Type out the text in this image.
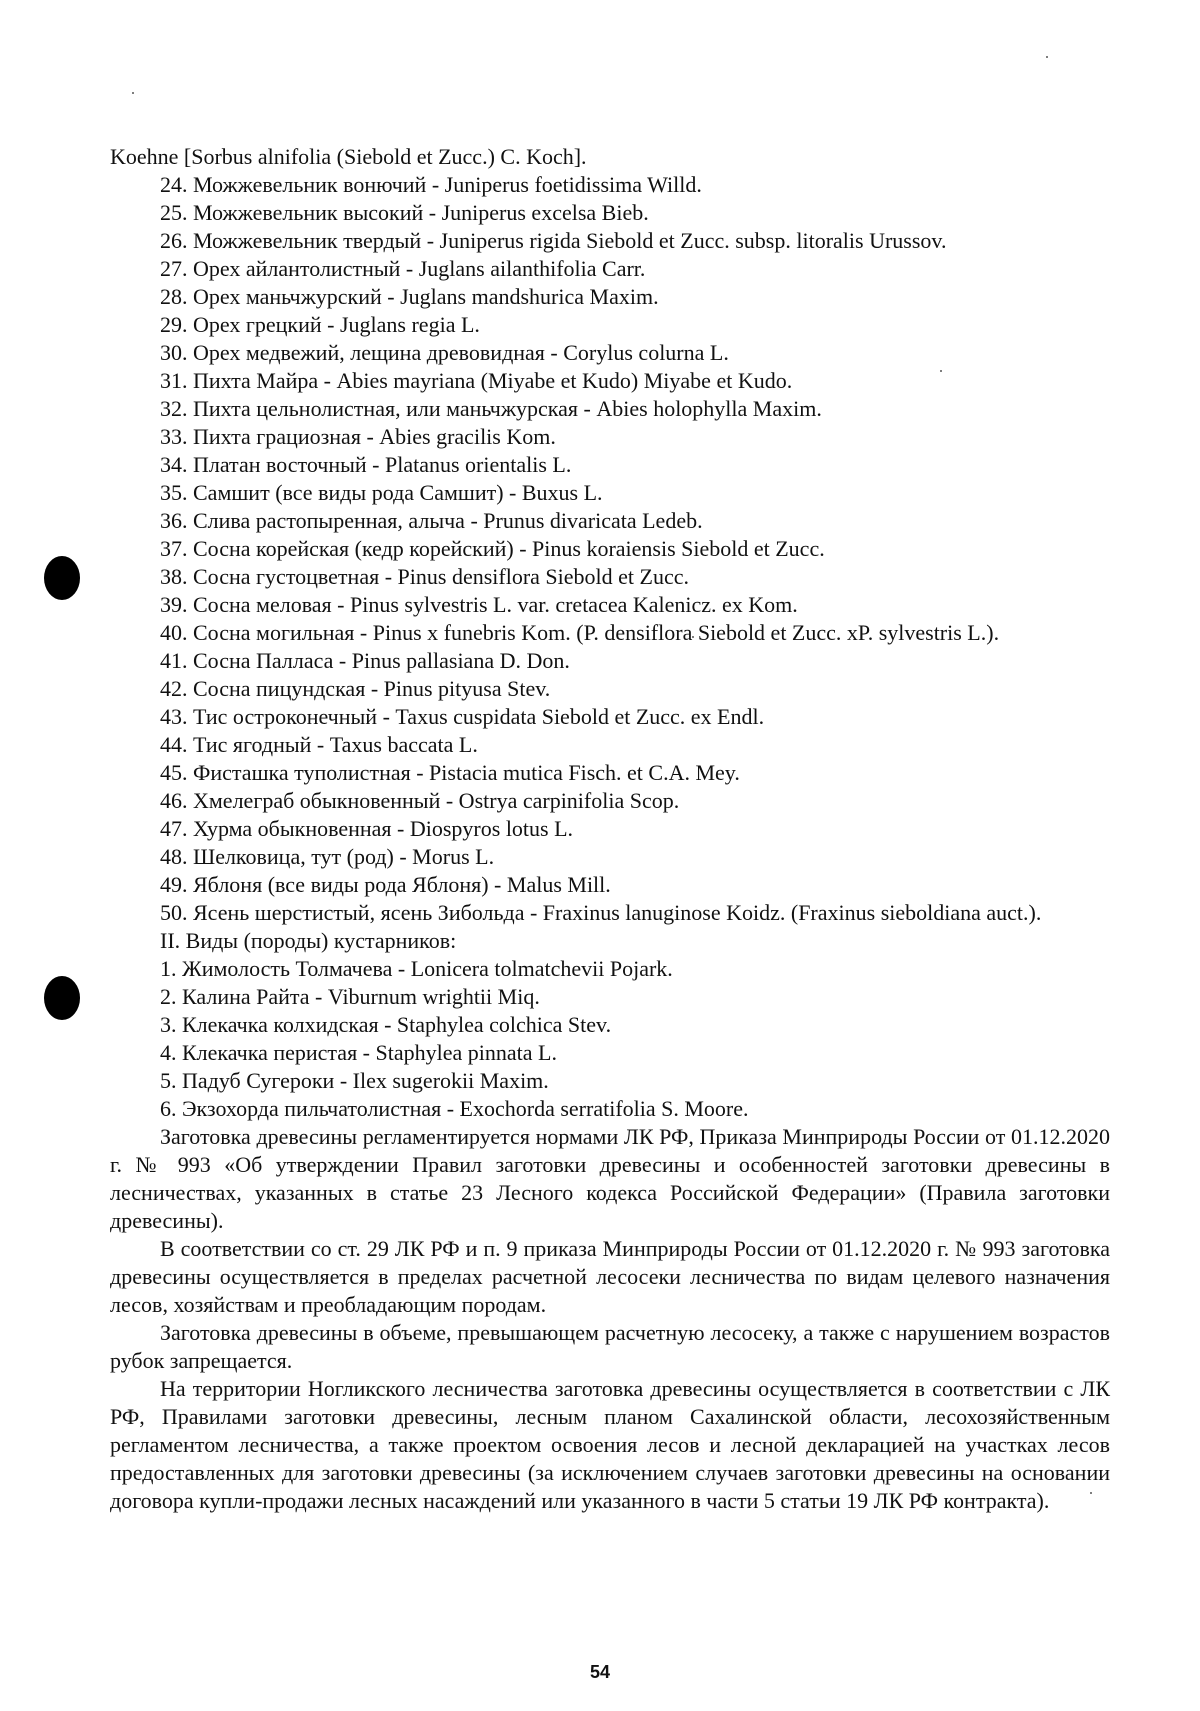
Koehne [Sorbus alnifolia (Siebold et Zucc.) C. Koch].

24. Можжевельник вонючий - Juniperus foetidissima Willd.

25. Можжевельник высокий - Juniperus excelsa Bieb.

26. Можжевельник твердый - Juniperus rigida Siebold et Zucc. subsp. litoralis Urussov.

27. Орех айлантолистный - Juglans ailanthifolia Carr.

28. Орех маньчжурский - Juglans mandshurica Maxim.

29. Орех грецкий - Juglans regia L.

30. Орех медвежий, лещина древовидная - Corylus colurna L.

31. Пихта Майра - Abies mayriana (Miyabe et Kudo) Miyabe et Kudo.

32. Пихта цельнолистная, или маньчжурская - Abies holophylla Maxim.

33. Пихта грациозная - Abies gracilis Kom.

34. Платан восточный - Platanus orientalis L.

35. Самшит (все виды рода Самшит) - Buxus L.

36. Слива растопыренная, алыча - Prunus divaricata Ledeb.

37. Сосна корейская (кедр корейский) - Pinus koraiensis Siebold et Zucc.

38. Сосна густоцветная - Pinus densiflora Siebold et Zucc.

39. Сосна меловая - Pinus sylvestris L. var. cretacea Kalenicz. ex Kom.

40. Сосна могильная - Pinus x funebris Kom. (P. densiflora Siebold et Zucc. xP. sylvestris L.).

41. Сосна Палласа - Pinus pallasiana D. Don.

42. Сосна пицундская - Pinus pityusa Stev.

43. Тис остроконечный - Taxus cuspidata Siebold et Zucc. ex Endl.

44. Тис ягодный - Taxus baccata L.

45. Фисташка туполистная - Pistacia mutica Fisch. et C.A. Mey.

46. Хмелеграб обыкновенный - Ostrya carpinifolia Scop.

47. Хурма обыкновенная - Diospyros lotus L.

48. Шелковица, тут (род) - Morus L.

49. Яблоня (все виды рода Яблоня) - Malus Mill.

50. Ясень шерстистый, ясень Зибольда - Fraxinus lanuginose Koidz. (Fraxinus sieboldiana auct.).

II. Виды (породы) кустарников:

1. Жимолость Толмачева - Lonicera tolmatchevii Pojark.

2. Калина Райта - Viburnum wrightii Miq.

3. Клекачка колхидская - Staphylea colchica Stev.

4. Клекачка перистая - Staphylea pinnata L.

5. Падуб Сугероки - Ilex sugerokii Maxim.

6. Экзохорда пильчатолистная - Exochorda serratifolia S. Moore.

Заготовка древесины регламентируется нормами ЛК РФ, Приказа Минприроды России от 01.12.2020 г. № 993 «Об утверждении Правил заготовки древесины и особенностей заготовки древесины в лесничествах, указанных в статье 23 Лесного кодекса Российской Федерации» (Правила заготовки древесины).

В соответствии со ст. 29 ЛК РФ и п. 9 приказа Минприроды России от 01.12.2020 г. № 993 заготовка древесины осуществляется в пределах расчетной лесосеки лесничества по видам целевого назначения лесов, хозяйствам и преобладающим породам.

Заготовка древесины в объеме, превышающем расчетную лесосеку, а также с нарушением возрастов рубок запрещается.

На территории Ногликского лесничества заготовка древесины осуществляется в соответствии с ЛК РФ, Правилами заготовки древесины, лесным планом Сахалинской области, лесохозяйственным регламентом лесничества, а также проектом освоения лесов и лесной декларацией на участках лесов предоставленных для заготовки древесины (за исключением случаев заготовки древесины на основании договора купли-продажи лесных насаждений или указанного в части 5 статьи 19 ЛК РФ контракта).

54
